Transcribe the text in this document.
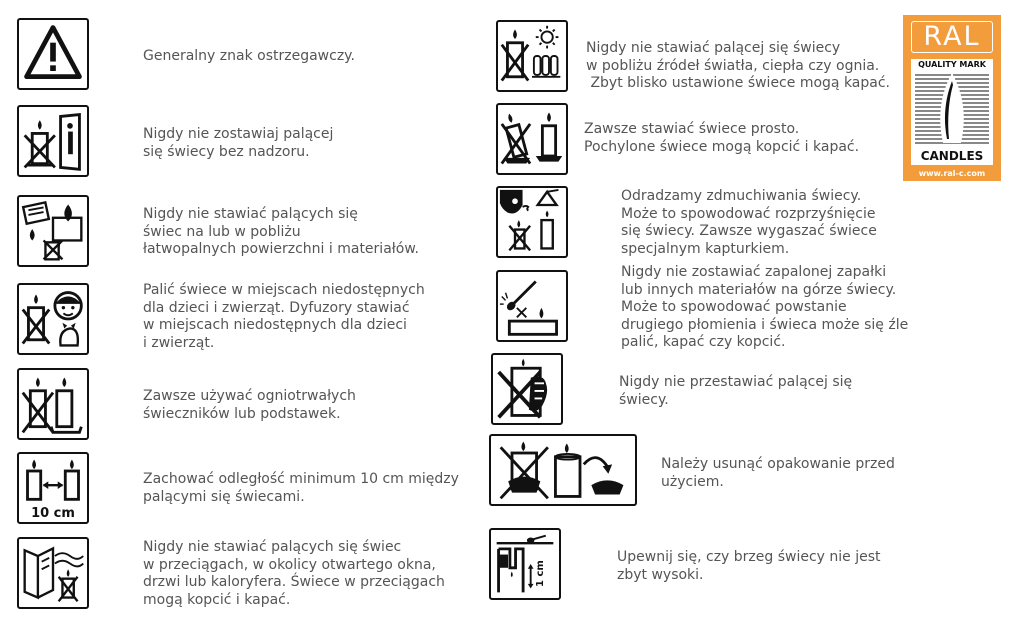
10 cm
Generalny znak ostrzegawczy.
Nigdy nie zostawiaj palącej
się świecy bez nadzoru.
Nigdy nie stawiać palących się
świec na lub w pobliżu
łatwopalnych powierzchni i materiałów.
Palić świece w miejscach niedostępnych
dla dzieci i zwierząt. Dyfuzory stawiać
w miejscach niedostępnych dla dzieci
i zwierząt.
Zawsze używać ogniotrwałych
świeczników lub podstawek.
Zachować odległość minimum 10 cm między
palącymi się świecami.
Nigdy nie stawiać palących się świec
w przeciągach, w okolicy otwartego okna,
drzwi lub kaloryfera. Świece w przeciągach
mogą kopcić i kapać.
1 cm
Nigdy nie stawiać palącej się świecy
w pobliżu źródeł światła, ciepła czy ognia.
Zbyt blisko ustawione świece mogą kapać.
Zawsze stawiać świece prosto.
Pochylone świece mogą kopcić i kapać.
Odradzamy zdmuchiwania świecy.
Może to spowodować rozprzyśnięcie
się świecy. Zawsze wygaszać świece
specjalnym kapturkiem.
Nigdy nie zostawiać zapalonej zapałki
lub innych materiałów na górze świecy.
Może to spowodować powstanie
drugiego płomienia i świeca może się źle
palić, kapać czy kopcić.
Nigdy nie przestawiać palącej się
świecy.
Należy usunąć opakowanie przed
użyciem.
Upewnij się, czy brzeg świecy nie jest
zbyt wysoki.
RAL
QUALITY MARK
CANDLES
www.ral-c.com
